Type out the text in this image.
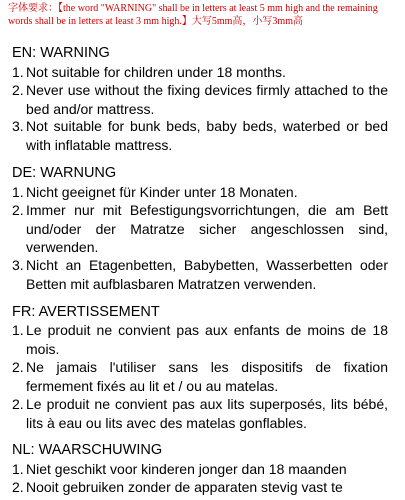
字体要求：【the word "WARNING" shall be in letters at least 5 mm high and the remaining words shall be in letters at least 3 mm high.】大写5mm高，小写3mm高
EN: WARNING
1. Not suitable for children under 18 months.
2. Never use without the fixing devices firmly attached to the bed and/or mattress.
3. Not suitable for bunk beds, baby beds, waterbed or bed with inflatable mattress.
DE: WARNUNG
1. Nicht geeignet für Kinder unter 18 Monaten.
2. Immer nur mit Befestigungsvorrichtungen, die am Bett und/oder der Matratze sicher angeschlossen sind, verwenden.
3. Nicht an Etagenbetten, Babybetten, Wasserbetten oder Betten mit aufblasbaren Matratzen verwenden.
FR: AVERTISSEMENT
1. Le produit ne convient pas aux enfants de moins de 18 mois.
2. Ne jamais l'utiliser sans les dispositifs de fixation fermement fixés au lit et / ou au matelas.
2. Le produit ne convient pas aux lits superposés, lits bébé, lits à eau ou lits avec des matelas gonflables.
NL: WAARSCHUWING
1. Niet geschikt voor kinderen jonger dan 18 maanden
2. Nooit gebruiken zonder de apparaten stevig vast te
